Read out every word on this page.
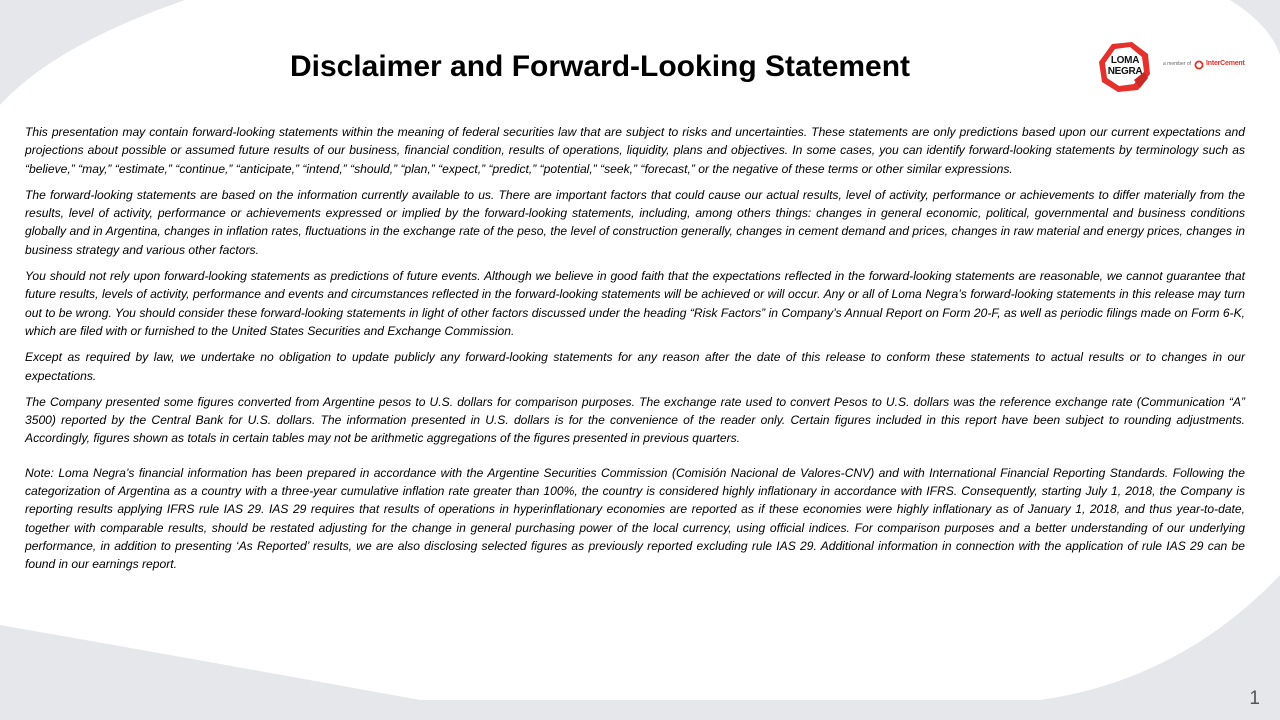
Disclaimer and Forward-Looking Statement	LOMA
NEGRA
a member of InterCement

This presentation may contain forward-looking statements within the meaning of federal securities law that are subject to risks and uncertainties. These statements are only predictions based upon our current expectations and projections about possible or assumed future results of our business, financial condition, results of operations, liquidity, plans and objectives. In some cases, you can identify forward-looking statements by terminology such as “believe,” “may,” “estimate,” “continue,” “anticipate,” “intend,” “should,” “plan,” “expect,” “predict,” “potential,” “seek,” “forecast,” or the negative of these terms or other similar expressions.

The forward-looking statements are based on the information currently available to us. There are important factors that could cause our actual results, level of activity, performance or achievements to differ materially from the results, level of activity, performance or achievements expressed or implied by the forward-looking statements, including, among others things: changes in general economic, political, governmental and business conditions globally and in Argentina, changes in inflation rates, fluctuations in the exchange rate of the peso, the level of construction generally, changes in cement demand and prices, changes in raw material and energy prices, changes in business strategy and various other factors.

You should not rely upon forward-looking statements as predictions of future events. Although we believe in good faith that the expectations reflected in the forward-looking statements are reasonable, we cannot guarantee that future results, levels of activity, performance and events and circumstances reflected in the forward-looking statements will be achieved or will occur. Any or all of Loma Negra’s forward-looking statements in this release may turn out to be wrong. You should consider these forward-looking statements in light of other factors discussed under the heading “Risk Factors” in Company’s Annual Report on Form 20-F, as well as periodic filings made on Form 6-K, which are filed with or furnished to the United States Securities and Exchange Commission.

Except as required by law, we undertake no obligation to update publicly any forward-looking statements for any reason after the date of this release to conform these statements to actual results or to changes in our expectations.

The Company presented some figures converted from Argentine pesos to U.S. dollars for comparison purposes. The exchange rate used to convert Pesos to U.S. dollars was the reference exchange rate (Communication “A” 3500) reported by the Central Bank for U.S. dollars. The information presented in U.S. dollars is for the convenience of the reader only. Certain figures included in this report have been subject to rounding adjustments. Accordingly, figures shown as totals in certain tables may not be arithmetic aggregations of the figures presented in previous quarters.

Note: Loma Negra’s financial information has been prepared in accordance with the Argentine Securities Commission (Comisión Nacional de Valores-CNV) and with International Financial Reporting Standards. Following the categorization of Argentina as a country with a three-year cumulative inflation rate greater than 100%, the country is considered highly inflationary in accordance with IFRS. Consequently, starting July 1, 2018, the Company is reporting results applying IFRS rule IAS 29. IAS 29 requires that results of operations in hyperinflationary economies are reported as if these economies were highly inflationary as of January 1, 2018, and thus year-to-date, together with comparable results, should be restated adjusting for the change in general purchasing power of the local currency, using official indices. For comparison purposes and a better understanding of our underlying performance, in addition to presenting ‘As Reported’ results, we are also disclosing selected figures as previously reported excluding rule IAS 29. Additional information in connection with the application of rule IAS 29 can be found in our earnings report.

1
